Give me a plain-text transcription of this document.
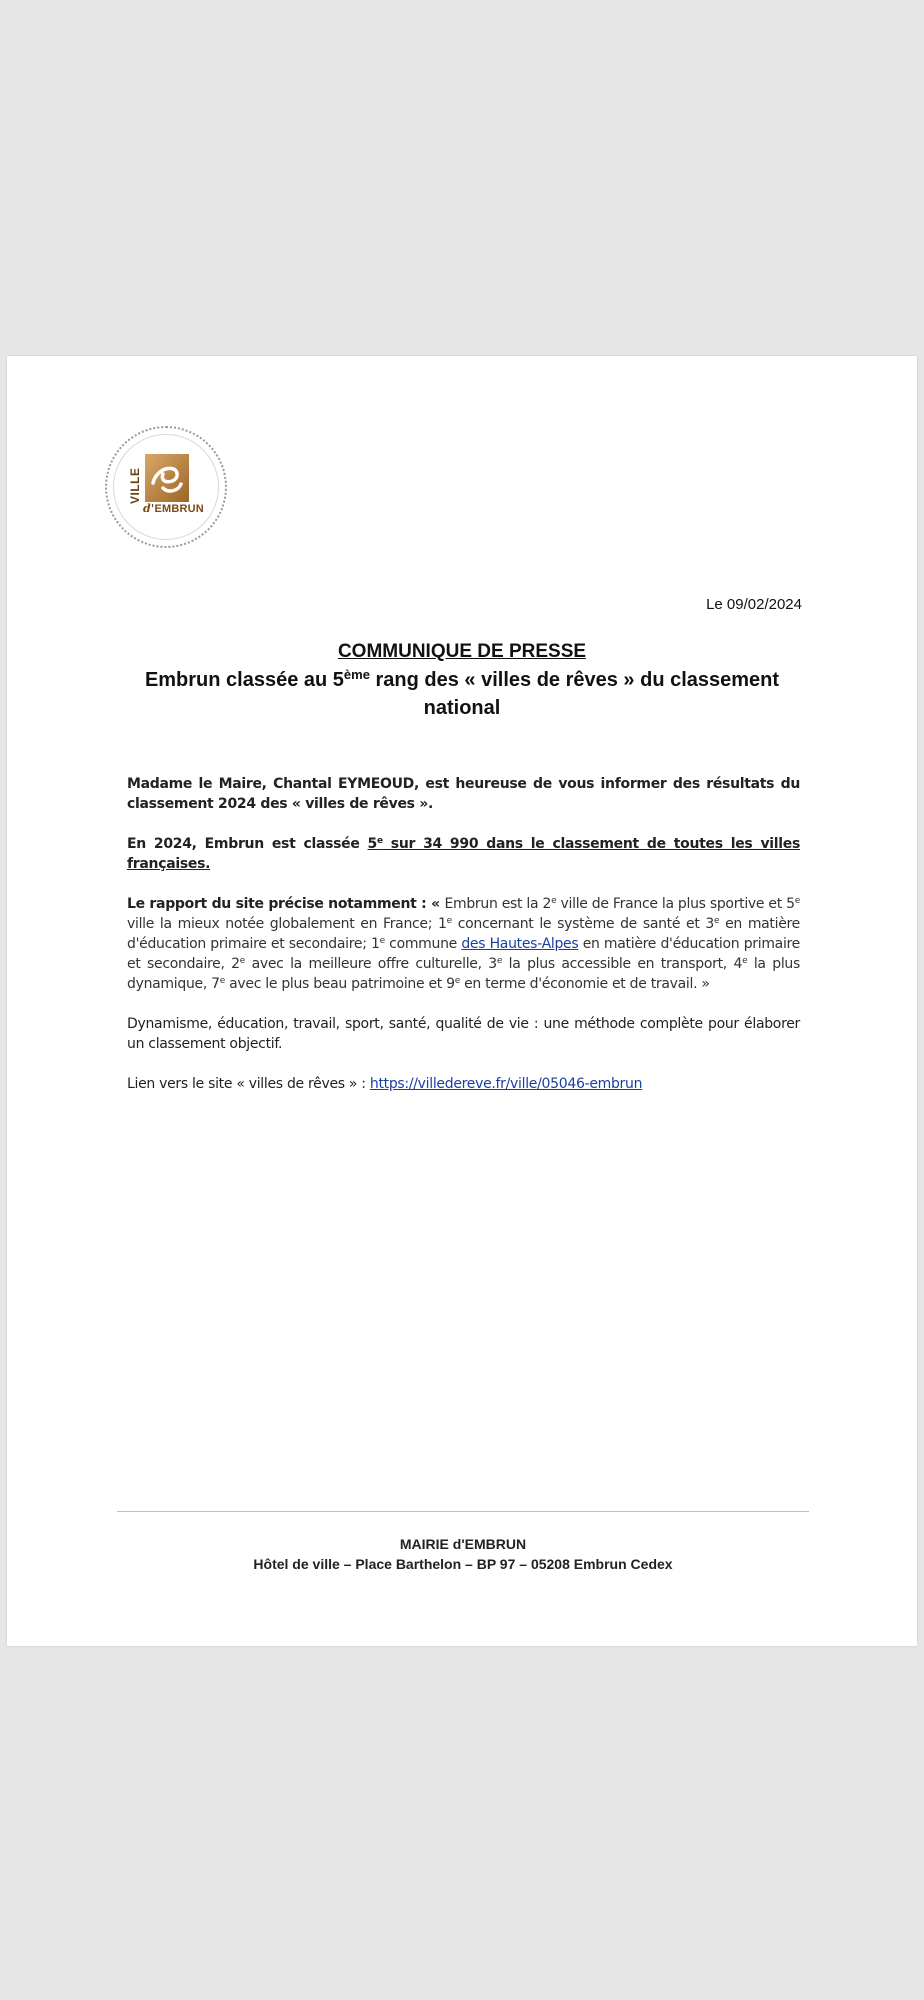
VILLE
d'EMBRUN
Le 09/02/2024
COMMUNIQUE DE PRESSE
Embrun classée au 5ème rang des « villes de rêves » du classement national

Madame le Maire, Chantal EYMEOUD, est heureuse de vous informer des résultats du classement 2024 des « villes de rêves ».

En 2024, Embrun est classée 5e sur 34 990 dans le classement de toutes les villes françaises.

Le rapport du site précise notamment : « Embrun est la 2e ville de France la plus sportive et 5e ville la mieux notée globalement en France; 1e concernant le système de santé et 3e en matière d'éducation primaire et secondaire; 1e commune des Hautes-Alpes en matière d'éducation primaire et secondaire, 2e avec la meilleure offre culturelle, 3e la plus accessible en transport, 4e la plus dynamique, 7e avec le plus beau patrimoine et 9e en terme d'économie et de travail. »

Dynamisme, éducation, travail, sport, santé, qualité de vie : une méthode complète pour élaborer un classement objectif.

Lien vers le site « villes de rêves » : https://villedereve.fr/ville/05046-embrun

MAIRIE d'EMBRUN
Hôtel de ville – Place Barthelon – BP 97 – 05208 Embrun Cedex
